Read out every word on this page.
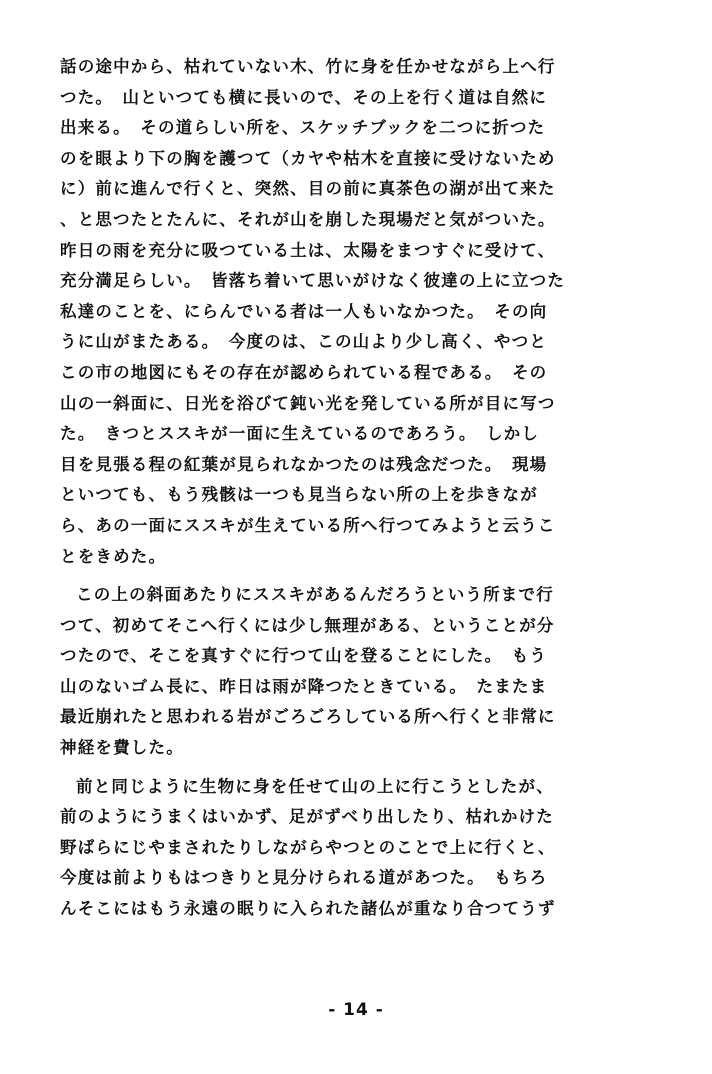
話の途中から、枯れていない木、竹に身を任かせながら上へ行
つた。　山といつても横に長いので、その上を行く道は自然に
出来る。　その道らしい所を、スケッチブックを二つに折つた
のを眼より下の胸を護つて（カヤや枯木を直接に受けないため
に）前に進んで行くと、突然、目の前に真茶色の湖が出て来た
、と思つたとたんに、それが山を崩した現場だと気がついた。
昨日の雨を充分に吸つている土は、太陽をまつすぐに受けて、
充分満足らしい。　皆落ち着いて思いがけなく彼達の上に立つた
私達のことを、にらんでいる者は一人もいなかつた。　その向
うに山がまたある。　今度のは、この山より少し高く、やつと
この市の地図にもその存在が認められている程である。　その
山の一斜面に、日光を浴びて鈍い光を発している所が目に写つ
た。　きつとススキが一面に生えているのであろう。　しかし
目を見張る程の紅葉が見られなかつたのは残念だつた。　現場
といつても、もう残骸は一つも見当らない所の上を歩きなが
ら、あの一面にススキが生えている所へ行つてみようと云うこ
とをきめた。
この上の斜面あたりにススキがあるんだろうという所まで行
つて、初めてそこへ行くには少し無理がある、ということが分
つたので、そこを真すぐに行つて山を登ることにした。　もう
山のないゴム長に、昨日は雨が降つたときている。　たまたま
最近崩れたと思われる岩がごろごろしている所へ行くと非常に
神経を費した。
前と同じように生物に身を任せて山の上に行こうとしたが、
前のようにうまくはいかず、足がずべり出したり、枯れかけた
野ばらにじやまされたりしながらやつとのことで上に行くと、
今度は前よりもはつきりと見分けられる道があつた。　もちろ
んそこにはもう永遠の眠りに入られた諸仏が重なり合つてうず
- 14 -
